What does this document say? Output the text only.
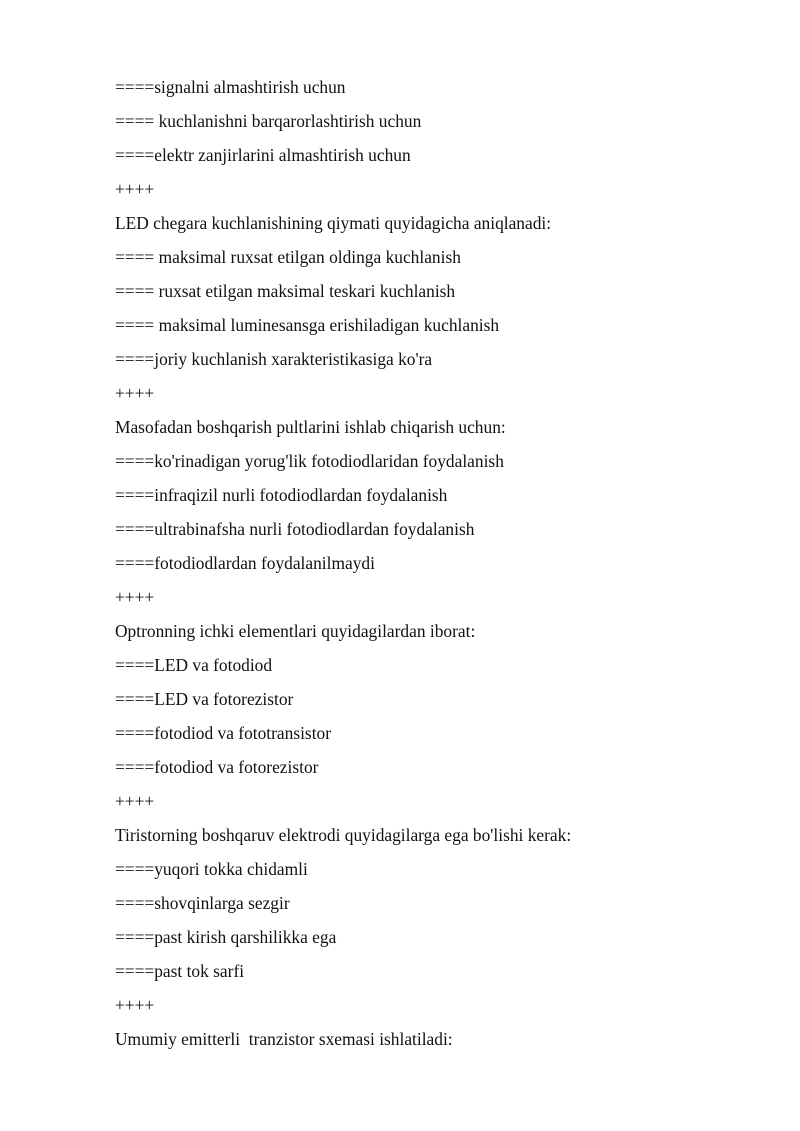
====signalni almashtirish uchun
==== kuchlanishni barqarorlashtirish uchun
====elektr zanjirlarini almashtirish uchun
++++
LED chegara kuchlanishining qiymati quyidagicha aniqlanadi:
==== maksimal ruxsat etilgan oldinga kuchlanish
==== ruxsat etilgan maksimal teskari kuchlanish
==== maksimal luminesansga erishiladigan kuchlanish
====joriy kuchlanish xarakteristikasiga ko'ra
++++
Masofadan boshqarish pultlarini ishlab chiqarish uchun:
====ko'rinadigan yorug'lik fotodiodlaridan foydalanish
====infraqizil nurli fotodiodlardan foydalanish
====ultrabinafsha nurli fotodiodlardan foydalanish
====fotodiodlardan foydalanilmaydi
++++
Optronning ichki elementlari quyidagilardan iborat:
====LED va fotodiod
====LED va fotorezistor
====fotodiod va fototransistor
====fotodiod va fotorezistor
++++
Tiristorning boshqaruv elektrodi quyidagilarga ega bo'lishi kerak:
====yuqori tokka chidamli
====shovqinlarga sezgir
====past kirish qarshilikka ega
====past tok sarfi
++++
Umumiy emitterli  tranzistor sxemasi ishlatiladi:
